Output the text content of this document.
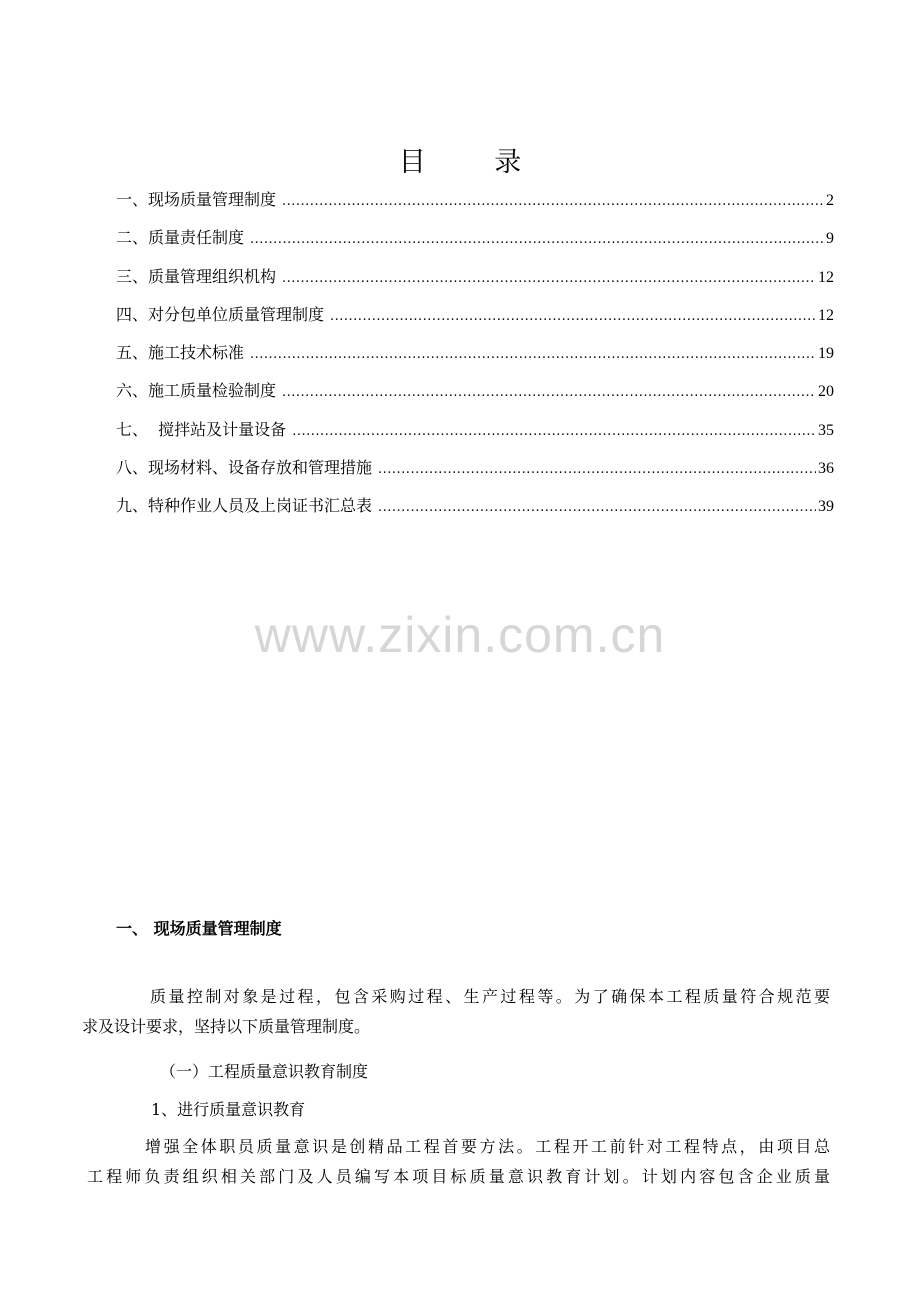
目 录
一、现场质量管理制度 .....	2
二、质量责任制度 .....	9
三、质量管理组织机构 .....	12
四、对分包单位质量管理制度 .....	12
五、施工技术标准 .....	19
六、施工质量检验制度 .....	20
七、  搅拌站及计量设备 .....	35
八、现场材料、设备存放和管理措施 .....	36
九、特种作业人员及上岗证书汇总表 .....	39
www.zixin.com.cn
一、 现场质量管理制度

质量控制对象是过程，包含采购过程、生产过程等。为了确保本工程质量符合规范要
求及设计要求，坚持以下质量管理制度。

（一）工程质量意识教育制度

1、进行质量意识教育

增强全体职员质量意识是创精品工程首要方法。工程开工前针对工程特点，由项目总
工程师负责组织相关部门及人员编写本项目标质量意识教育计划。计划内容包含企业质量
